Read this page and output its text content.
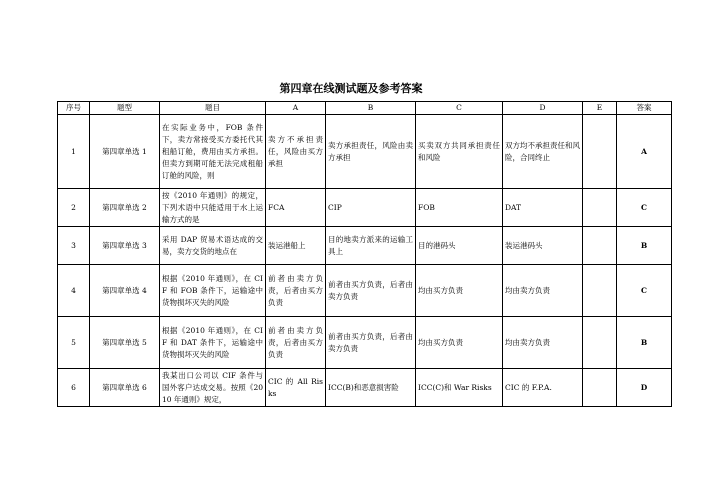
第四章在线测试题及参考答案
序号	题型	题目	A	B	C	D	E	答案
1	第四章单选 1	在实际业务中，FOB 条件下，卖方常接受买方委托代其租船订舱，费用由买方承担。但卖方到期可能无法完成租船订舱的风险，则	卖方不承担责任，风险由买方承担	卖方承担责任，风险由卖方承担	买卖双方共同承担责任和风险	双方均不承担责任和风险，合同终止		A
2	第四章单选 2	按《2010 年通则》的规定，下列术语中只能适用于水上运输方式的是	FCA	CIP	FOB	DAT		C
3	第四章单选 3	采用 DAP 贸易术语达成的交易，卖方交货的地点在	装运港船上	目的地卖方派来的运输工具上	目的港码头	装运港码头		B
4	第四章单选 4	根据《2010 年通则》，在 CIF 和 FOB 条件下，运输途中货物损坏灭失的风险	前者由卖方负责，后者由买方负责	前者由买方负责，后者由卖方负责	均由买方负责	均由卖方负责		C
5	第四章单选 5	根据《2010 年通则》，在 CIF 和 DAT 条件下，运输途中货物损坏灭失的风险	前者由卖方负责，后者由买方负责	前者由买方负责，后者由卖方负责	均由买方负责	均由卖方负责		B
6	第四章单选 6	我某出口公司以 CIF 条件与国外客户达成交易。按照《2010 年通则》规定，	CIC 的 All Risks	ICC(B)和恶意损害险	ICC(C)和 War Risks	CIC 的 F.P.A.		D
